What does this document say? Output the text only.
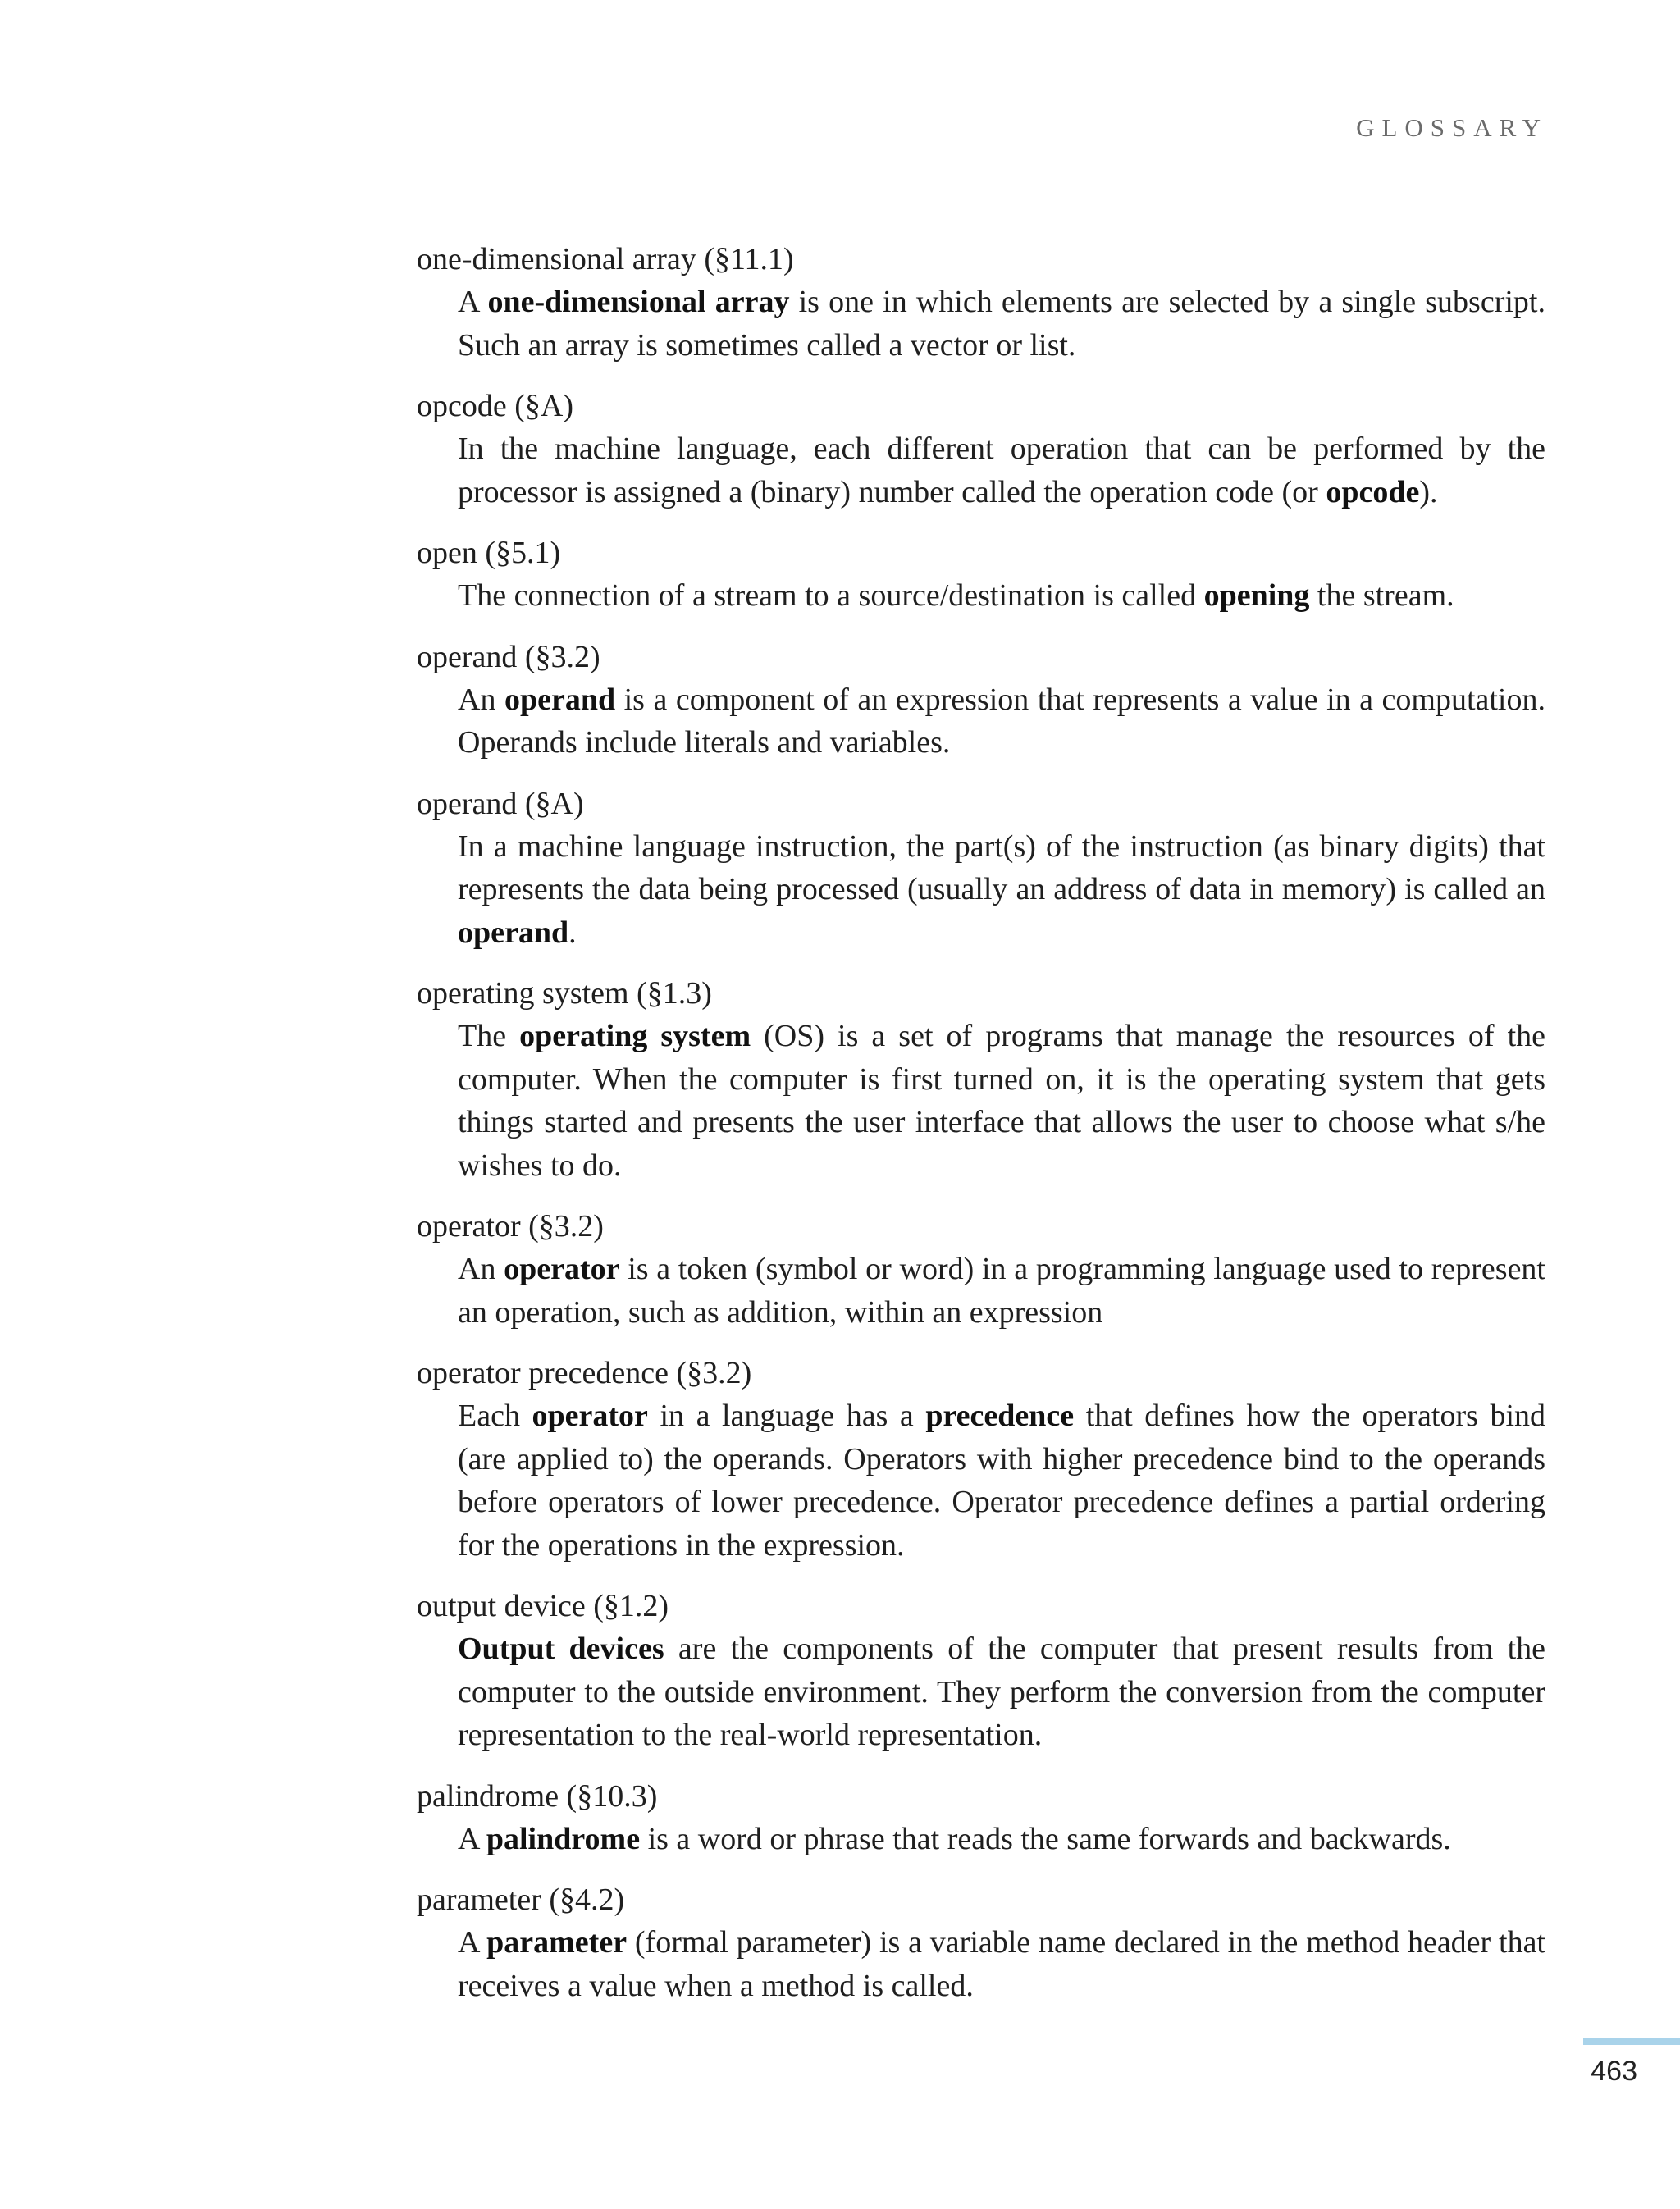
GLOSSARY

one-dimensional array (§11.1)

A one-dimensional array is one in which elements are selected by a single subscript. Such an array is sometimes called a vector or list.

opcode (§A)

In the machine language, each different operation that can be performed by the processor is assigned a (binary) number called the operation code (or opcode).

open (§5.1)

The connection of a stream to a source/destination is called opening the stream.

operand (§3.2)

An operand is a component of an expression that represents a value in a computation. Operands include literals and variables.

operand (§A)

In a machine language instruction, the part(s) of the instruction (as binary digits) that represents the data being processed (usually an address of data in memory) is called an operand.

operating system (§1.3)

The operating system (OS) is a set of programs that manage the resources of the computer. When the computer is first turned on, it is the operating system that gets things started and presents the user interface that allows the user to choose what s/he wishes to do.

operator (§3.2)

An operator is a token (symbol or word) in a programming language used to represent an operation, such as addition, within an expression

operator precedence (§3.2)

Each operator in a language has a precedence that defines how the operators bind (are applied to) the operands. Operators with higher precedence bind to the operands before operators of lower precedence. Operator precedence defines a partial ordering for the operations in the expression.

output device (§1.2)

Output devices are the components of the computer that present results from the computer to the outside environment. They perform the conversion from the computer representation to the real-world representation.

palindrome (§10.3)

A palindrome is a word or phrase that reads the same forwards and backwards.

parameter (§4.2)

A parameter (formal parameter) is a variable name declared in the method header that receives a value when a method is called.

463
